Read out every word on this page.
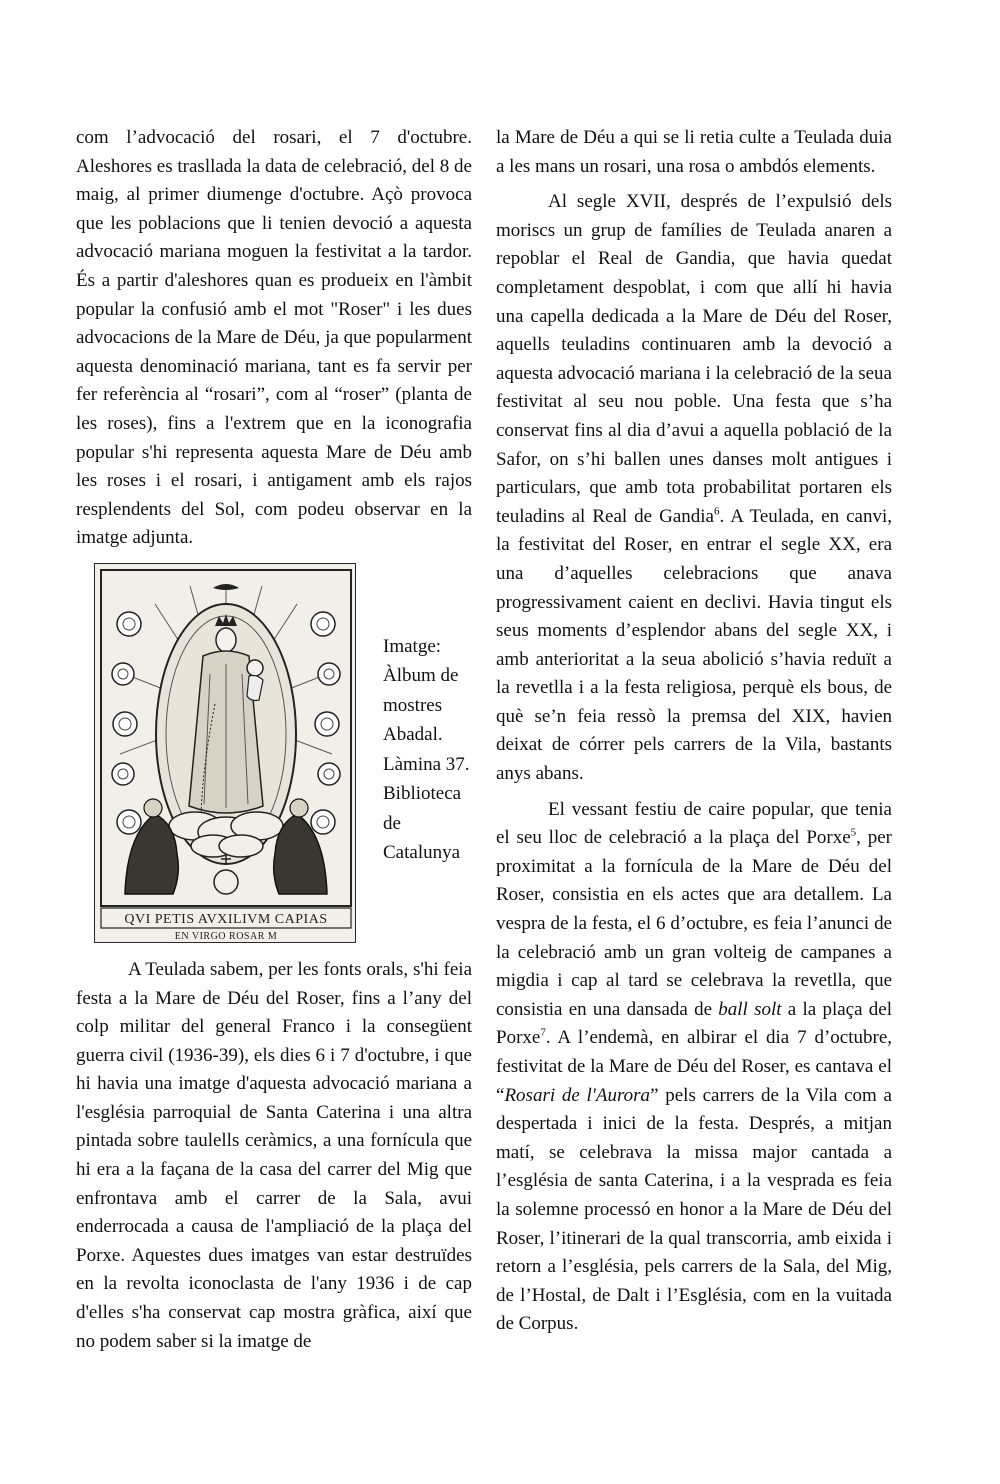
com l’advocació del rosari, el 7 d'octubre. Aleshores es trasllada la data de celebració, del 8 de maig, al primer diumenge d'octubre. Açò provoca que les poblacions que li tenien devoció a aquesta advocació mariana moguen la festivitat a la tardor. És a partir d'aleshores quan es produeix en l'àmbit popular la confusió amb el mot "Roser" i les dues advocacions de la Mare de Déu, ja que popularment aquesta denominació mariana, tant es fa servir per fer referència al “rosari”, com al “roser” (planta de les roses), fins a l'extrem que en la iconografia popular s'hi representa aquesta Mare de Déu amb les roses i el rosari, i antigament amb els rajos resplendents del Sol, com podeu observar en la imatge adjunta.

QVI PETIS AVXILIVM CAPIAS
EN VIRGO ROSAR M
Imatge: Àlbum de mostres Abadal. Làmina 37. Biblioteca de Catalunya

A Teulada sabem, per les fonts orals, s'hi feia festa a la Mare de Déu del Roser, fins a l’any del colp militar del general Franco i la consegüent guerra civil (1936-39), els dies 6 i 7 d'octubre, i que hi havia una imatge d'aquesta advocació mariana a l'església parroquial de Santa Caterina i una altra pintada sobre taulells ceràmics, a una fornícula que hi era a la façana de la casa del carrer del Mig que enfrontava amb el carrer de la Sala, avui enderrocada a causa de l'ampliació de la plaça del Porxe. Aquestes dues imatges van estar destruïdes en la revolta iconoclasta de l'any 1936 i de cap d'elles s'ha conservat cap mostra gràfica, així que no podem saber si la imatge de

la Mare de Déu a qui se li retia culte a Teulada duia a les mans un rosari, una rosa o ambdós elements.

Al segle XVII, després de l’expulsió dels moriscs un grup de famílies de Teulada anaren a repoblar el Real de Gandia, que havia quedat completament despoblat, i com que allí hi havia una capella dedicada a la Mare de Déu del Roser, aquells teuladins continuaren amb la devoció a aquesta advocació mariana i la celebració de la seua festivitat al seu nou poble. Una festa que s’ha conservat fins al dia d’avui a aquella població de la Safor, on s’hi ballen unes danses molt antigues i particulars, que amb tota probabilitat portaren els teuladins al Real de Gandia$^6$. A Teulada, en canvi, la festivitat del Roser, en entrar el segle XX, era una d’aquelles celebracions que anava progressivament caient en declivi. Havia tingut els seus moments d’esplendor abans del segle XX, i amb anterioritat a la seua abolició s’havia reduït a la revetlla i a la festa religiosa, perquè els bous, de què se’n feia ressò la premsa del XIX, havien deixat de córrer pels carrers de la Vila, bastants anys abans.

El vessant festiu de caire popular, que tenia el seu lloc de celebració a la plaça del Porxe$^5$, per proximitat a la fornícula de la Mare de Déu del Roser, consistia en els actes que ara detallem. La vespra de la festa, el 6 d’octubre, es feia l’anunci de la celebració amb un gran volteig de campanes a migdia i cap al tard se celebrava la revetlla, que consistia en una dansada de ball solt a la plaça del Porxe$^7$. A l’endemà, en albirar el dia 7 d’octubre, festivitat de la Mare de Déu del Roser, es cantava el “Rosari de l'Aurora” pels carrers de la Vila com a despertada i inici de la festa. Després, a mitjan matí, se celebrava la missa major cantada a l’església de santa Caterina, i a la vesprada es feia la solemne processó en honor a la Mare de Déu del Roser, l’itinerari de la qual transcorria, amb eixida i retorn a l’església, pels carrers de la Sala, del Mig, de l’Hostal, de Dalt i l’Església, com en la vuitada de Corpus.
